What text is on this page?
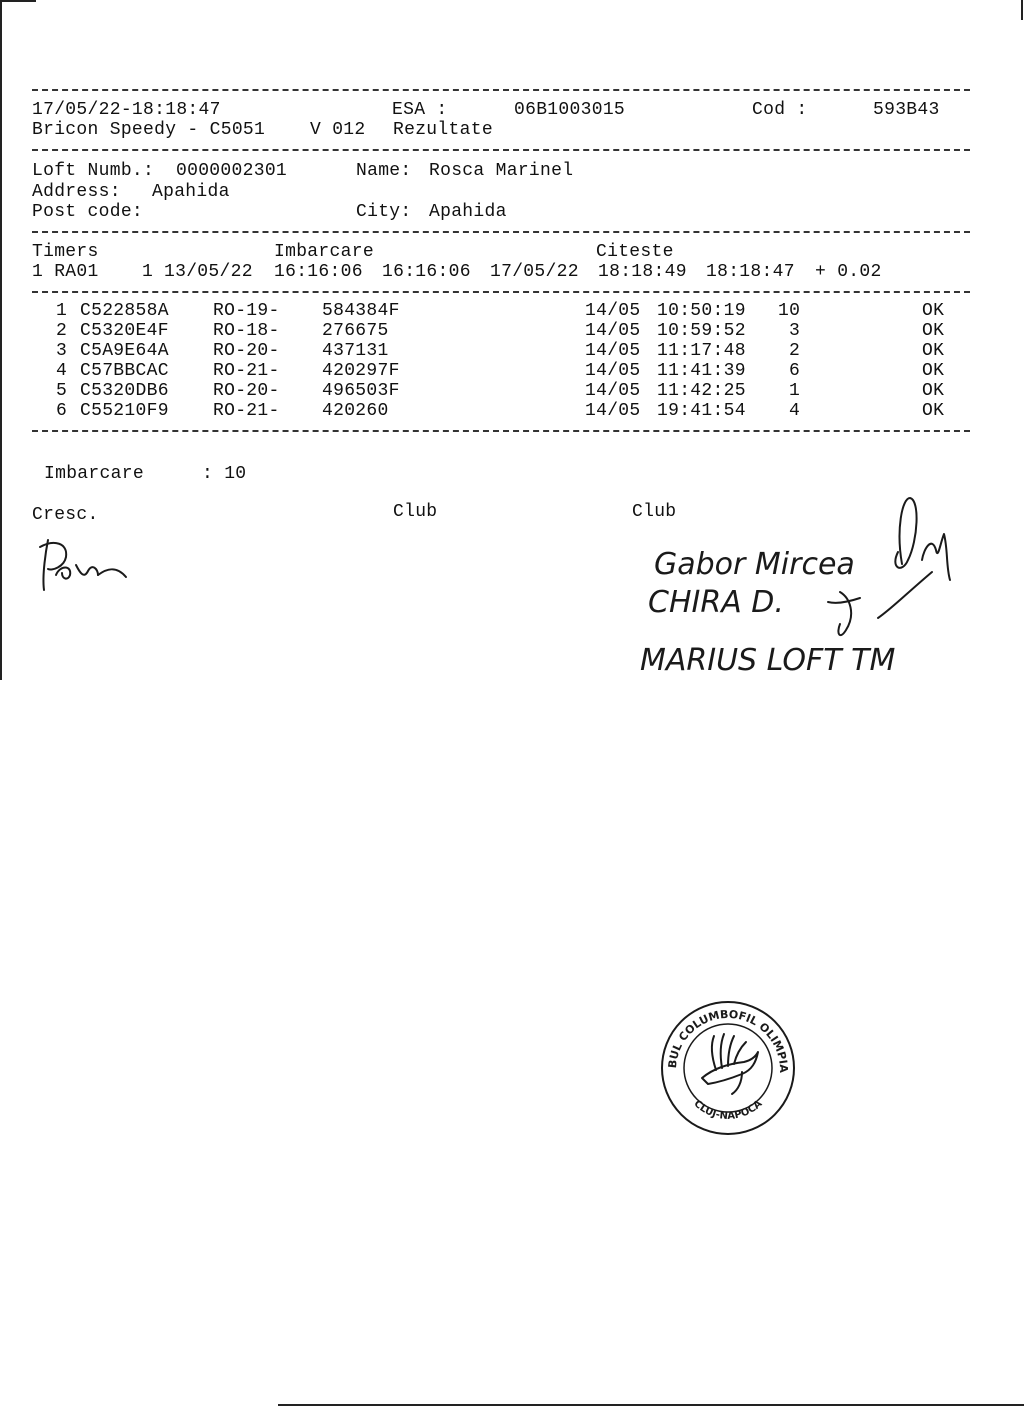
17/05/22-18:18:47	ESA :	06B1003015	Cod :	593B43
Bricon Speedy - C5051 V 012 Rezultate
Loft Numb.: 0000002301	Name: Rosca Marinel
Address: Apahida
Post code:	City: Apahida
Timers	Imbarcare	Citeste
1 RA01 1 13/05/22 16:16:06 16:16:06 17/05/22 18:18:49 18:18:47 + 0.02
1 C522858A RO-19- 584384F	14/05 10:50:19 10	OK
2 C5320E4F RO-18- 276675	14/05 10:59:52 3	OK
3 C5A9E64A RO-20- 437131	14/05 11:17:48 2	OK
4 C57BBCAC RO-21- 420297F	14/05 11:41:39 6	OK
5 C5320DB6 RO-20- 496503F	14/05 11:42:25 1	OK
6 C55210F9 RO-21- 420260	14/05 19:41:54 4	OK
Imbarcare	: 10
Cresc.	Club	Club
Gabor Mircea
CHIRA D.
MARIUS LOFT TM
CLUBUL COLUMBOFIL OLIMPIA 04
CLUJ-NAPOCA
